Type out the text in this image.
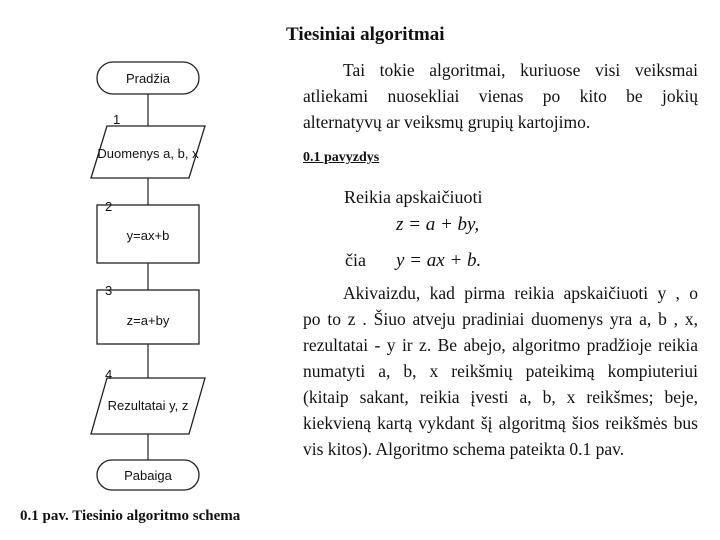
Pradžia
1
Duomenys a, b, x
2
y=ax+b
3
z=a+by
4
Rezultatai y, z
Pabaiga
Tiesiniai algoritmai
Tai tokie algoritmai, kuriuose visi veiksmai
atliekami nuosekliai vienas po kito be jokių
alternatyvų ar veiksmų grupių kartojimo.
0.1 pavyzdys
Reikia apskaičiuoti
z = a + by,
čia y = ax + b.
Akivaizdu, kad pirma reikia apskaičiuoti y , o
po to z . Šiuo atveju pradiniai duomenys yra a, b , x,
rezultatai - y ir z. Be abejo, algoritmo pradžioje reikia
numatyti a, b, x reikšmių pateikimą kompiuteriui
(kitaip sakant, reikia įvesti a, b, x reikšmes; beje,
kiekvieną kartą vykdant šį algoritmą šios reikšmės bus
vis kitos). Algoritmo schema pateikta 0.1 pav.
0.1 pav. Tiesinio algoritmo schema
